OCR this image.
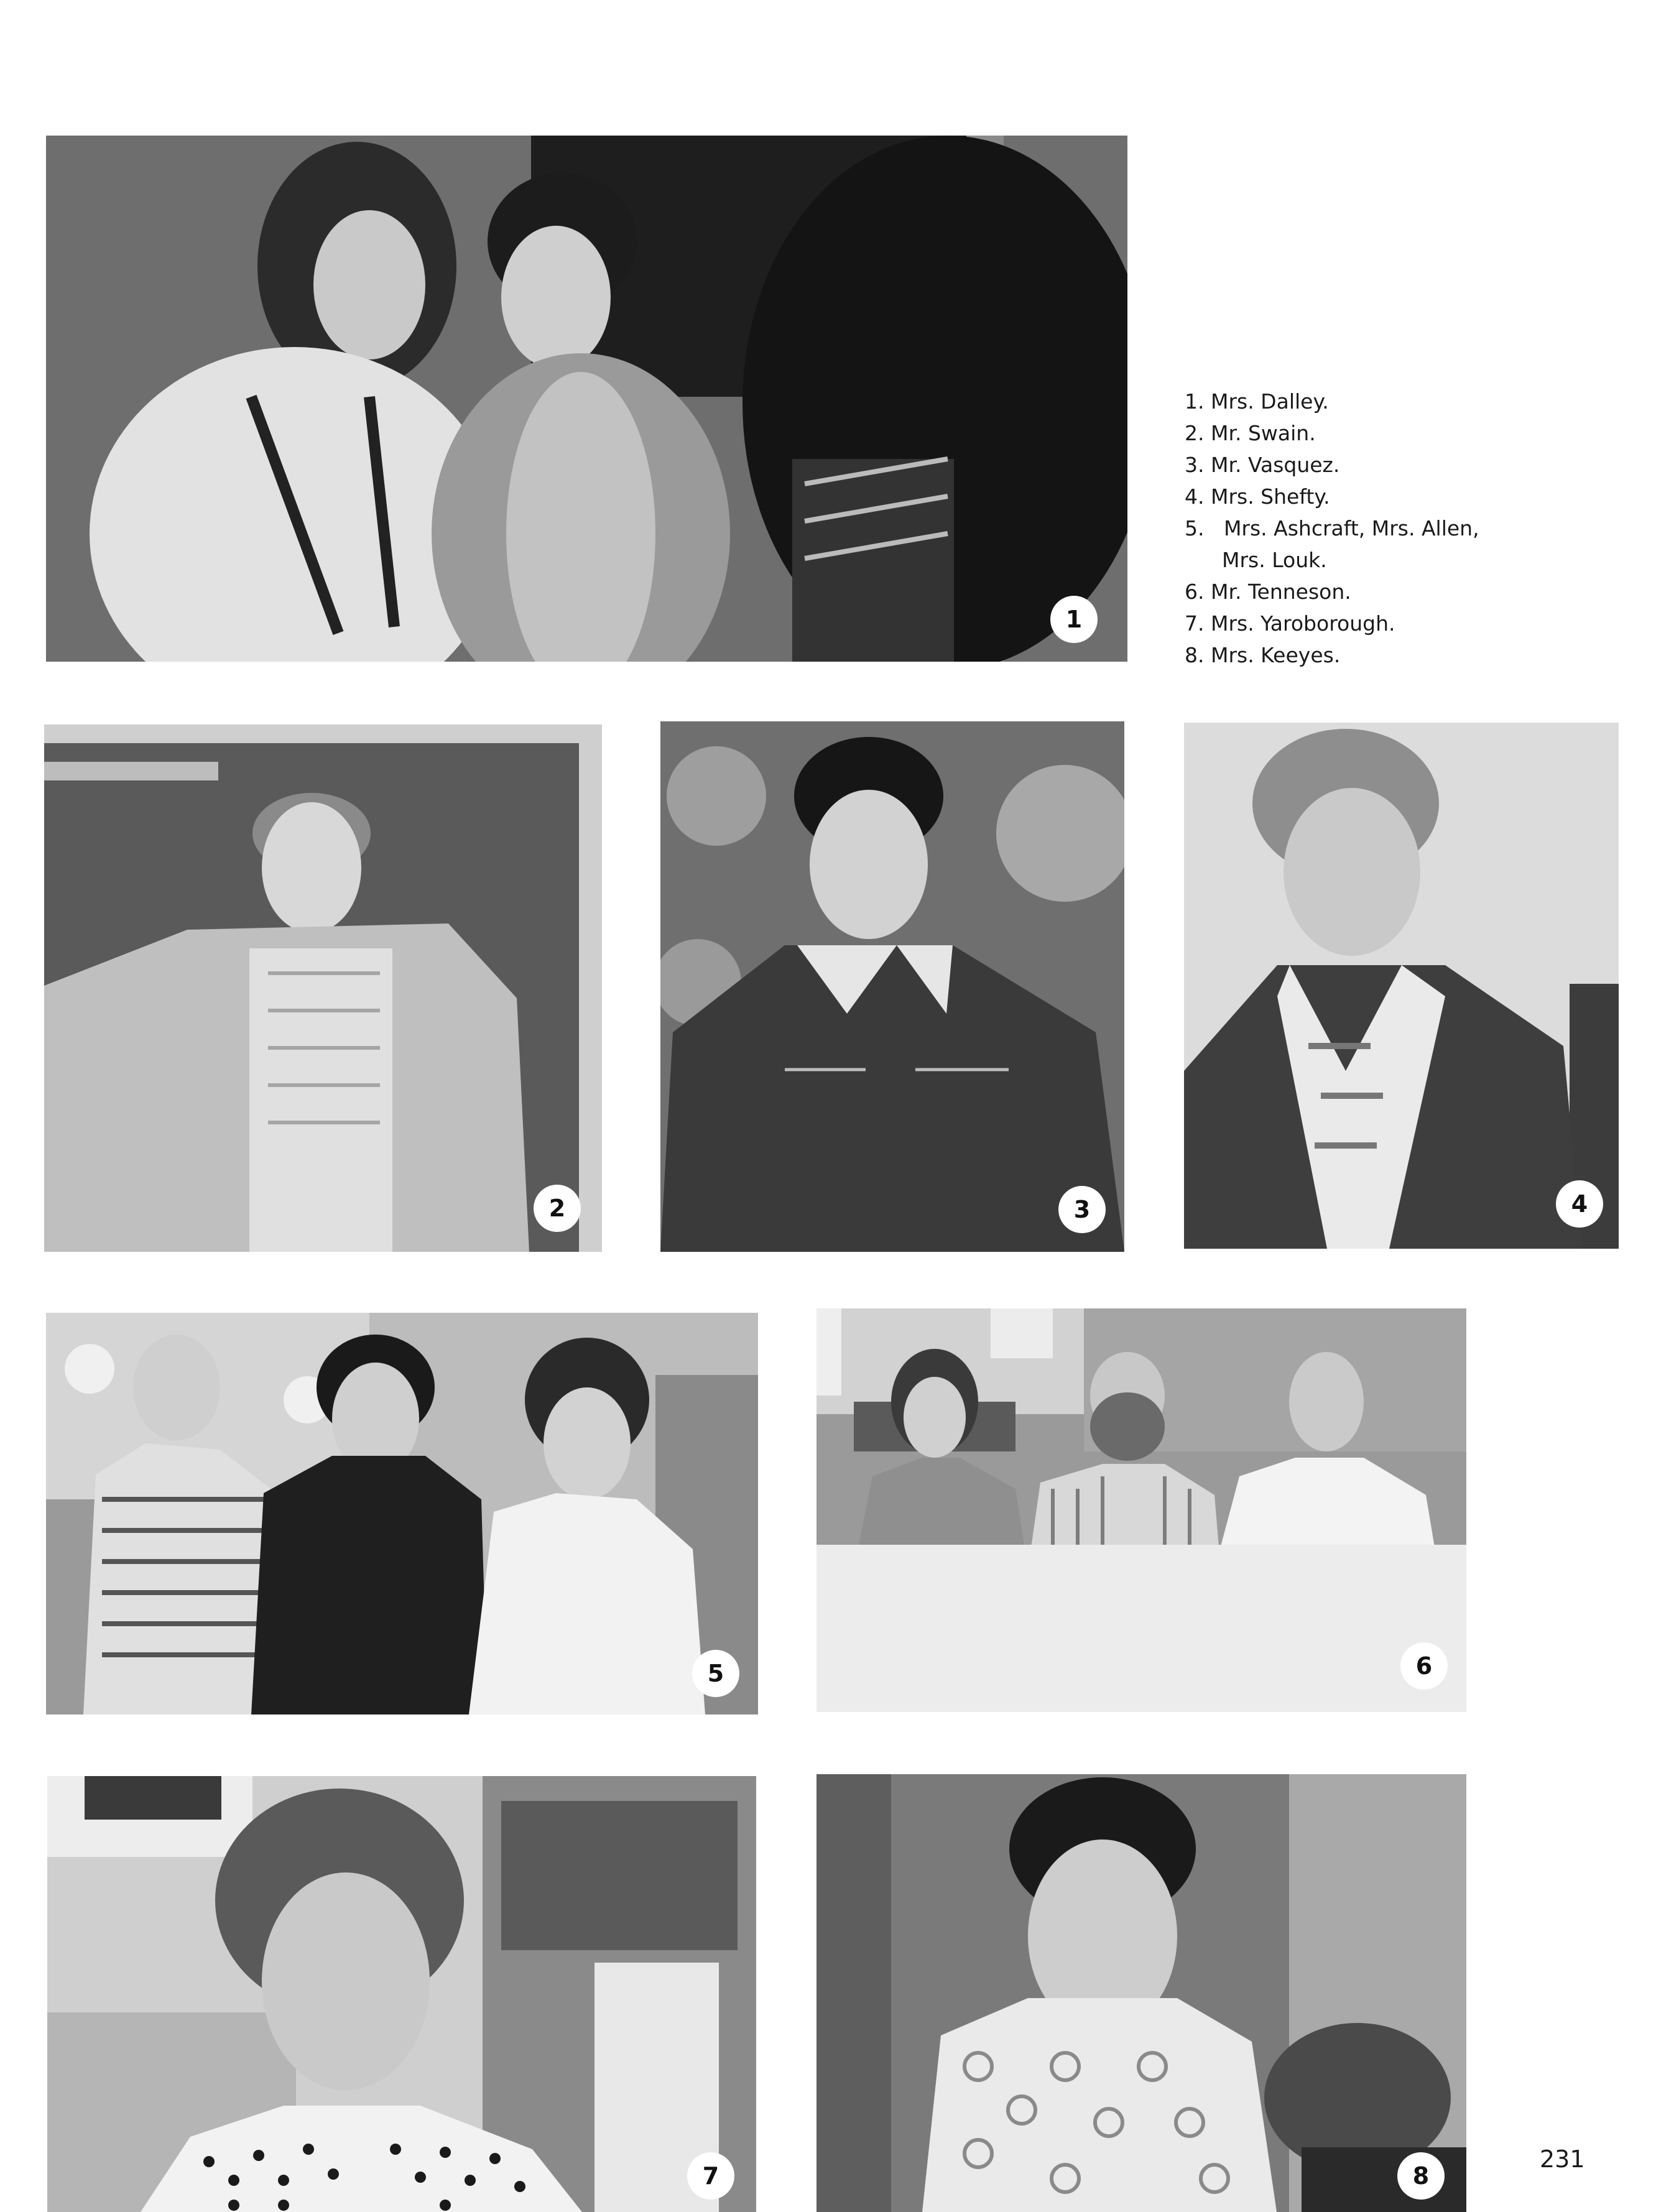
1
2	3	4
5	6
7	8
1. Mrs. Dalley.
2. Mr. Swain.
3. Mr. Vasquez.
4. Mrs. Shefty.
5.   Mrs. Ashcraft, Mrs. Allen, Mrs. Louk.
6. Mr. Tenneson.
7. Mrs. Yaroborough.
8. Mrs. Keeyes.
231
